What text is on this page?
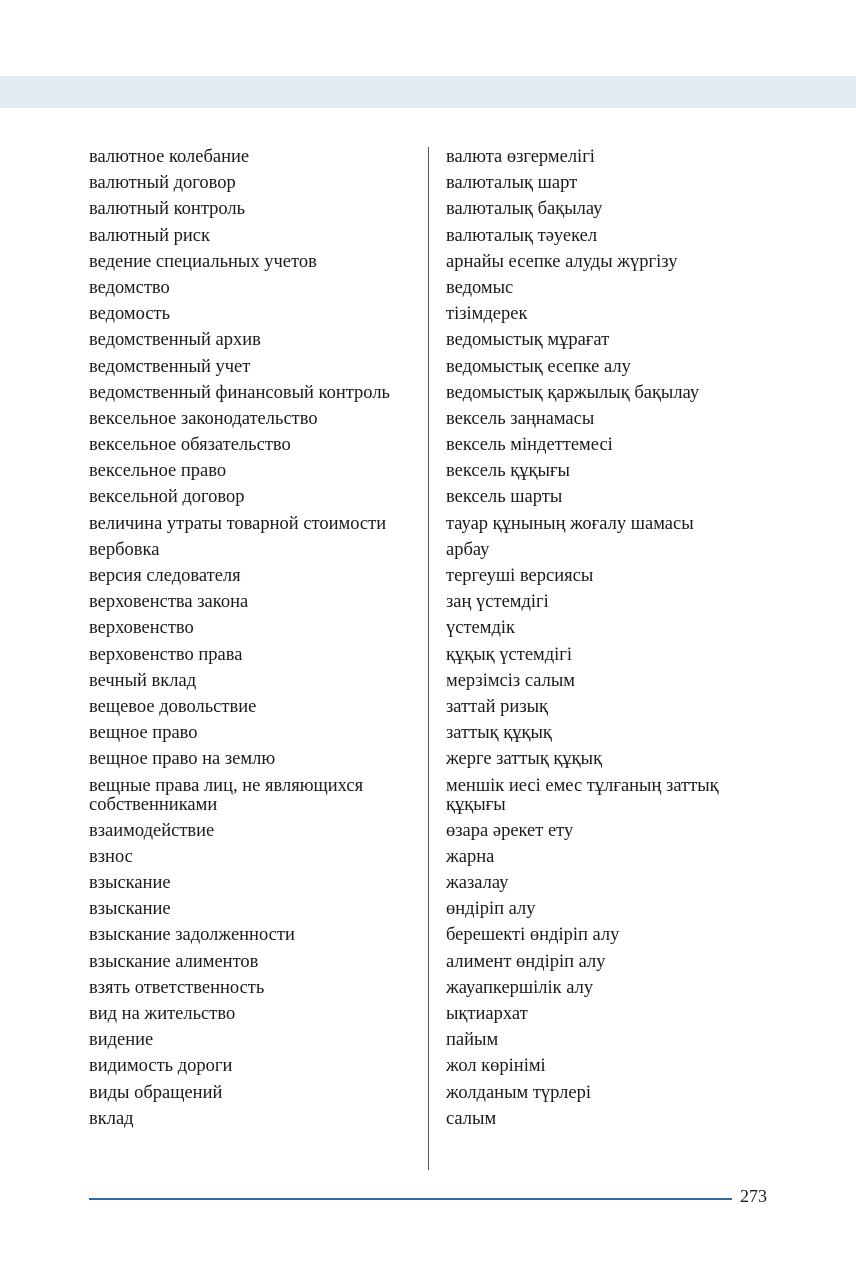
валютное колебание
валютный договор
валютный контроль
валютный риск
ведение специальных учетов
ведомство
ведомость
ведомственный архив
ведомственный учет
ведомственный финансовый контроль
вексельное законодательство
вексельное обязательство
вексельное право
вексельной договор
величина утраты товарной стоимости
вербовка
версия следователя
верховенства закона
верховенство
верховенство права
вечный вклад
вещевое довольствие
вещное право
вещное право на землю
вещные права лиц, не являющихся собственниками
взаимодействие
взнос
взыскание
взыскание
взыскание задолженности
взыскание алиментов
взять ответственность
вид на жительство
видение
видимость дороги
виды обращений
вклад
валюта өзгермелігі
валюталық шарт
валюталық бақылау
валюталық тәуекел
арнайы есепке алуды жүргізу
ведомыс
тізімдерек
ведомыстық мұрағат
ведомыстық есепке алу
ведомыстық қаржылық бақылау
вексель заңнамасы
вексель міндеттемесі
вексель құқығы
вексель шарты
тауар құнының жоғалу шамасы
арбау
тергеуші версиясы
заң үстемдігі
үстемдік
құқық үстемдігі
мерзімсіз салым
заттай ризық
заттық құқық
жерге заттық құқық
меншік иесі емес тұлғаның заттық құқығы
өзара әрекет ету
жарна
жазалау
өндіріп алу
берешекті өндіріп алу
алимент өндіріп алу
жауапкершілік алу
ықтиархат
пайым
жол көрінімі
жолданым түрлері
салым
273
